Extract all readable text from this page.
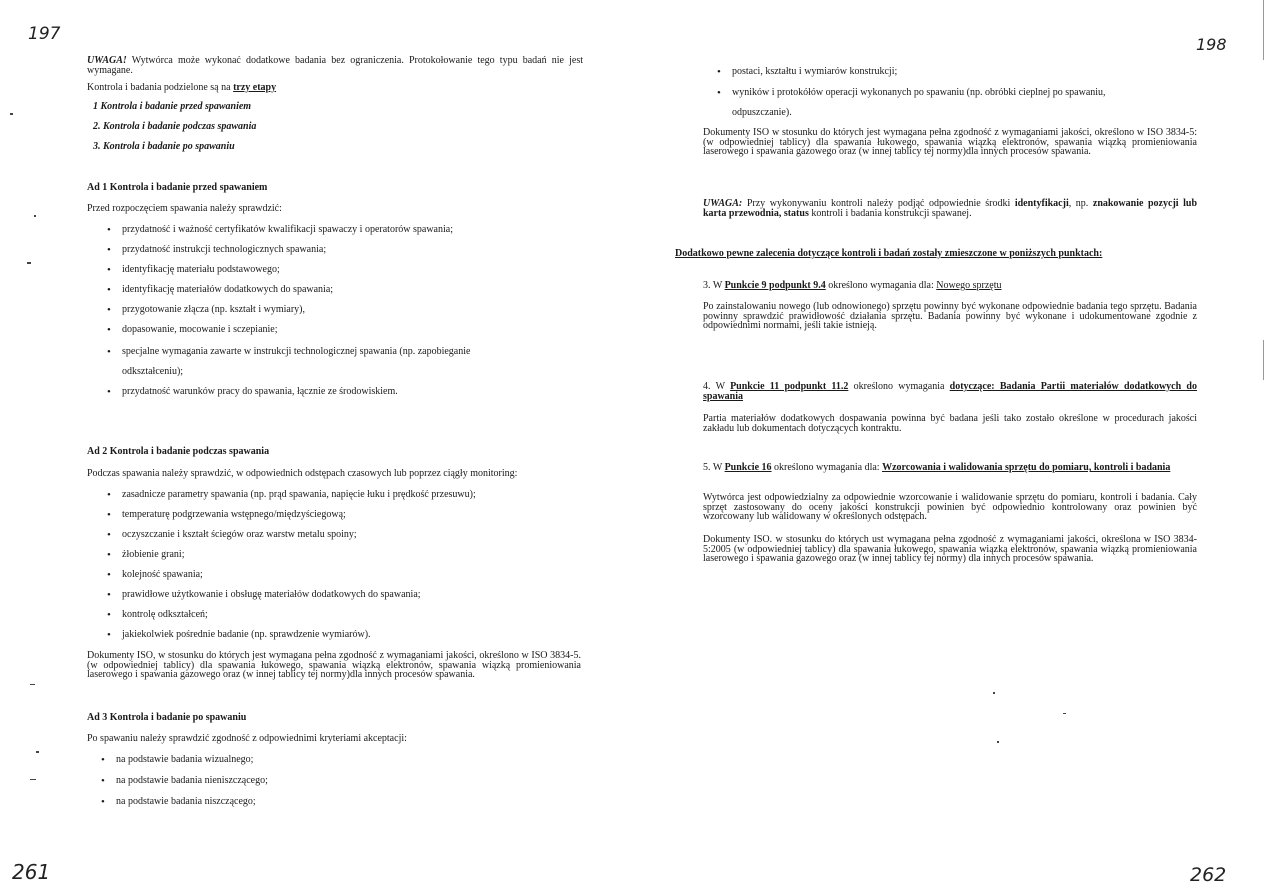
197
UWAGA! Wytwórca może wykonać dodatkowe badania bez ograniczenia. Protokołowanie tego typu badań nie jest wymagane.
Kontrola i badania podzielone są na trzy etapy
1 Kontrola i badanie przed spawaniem
2. Kontrola i badanie podczas spawania
3. Kontrola i badanie po spawaniu
Ad 1 Kontrola i badanie przed spawaniem
Przed rozpoczęciem spawania należy sprawdzić:
• przydatność i ważność certyfikatów kwalifikacji spawaczy i operatorów spawania;
• przydatność instrukcji technologicznych spawania;
• identyfikację materiału podstawowego;
• identyfikację materiałów dodatkowych do spawania;
• przygotowanie złącza (np. kształt i wymiary),
• dopasowanie, mocowanie i sczepianie;
• specjalne wymagania zawarte w instrukcji technologicznej spawania (np. zapobieganie odkształceniu);
• przydatność warunków pracy do spawania, łącznie ze środowiskiem.
Ad 2 Kontrola i badanie podczas spawania
Podczas spawania należy sprawdzić, w odpowiednich odstępach czasowych lub poprzez ciągły monitoring:
• zasadnicze parametry spawania (np. prąd spawania, napięcie łuku i prędkość przesuwu);
• temperaturę podgrzewania wstępnego/międzyściegową;
• oczyszczanie i kształt ściegów oraz warstw metalu spoiny;
• żłobienie grani;
• kolejność spawania;
• prawidłowe użytkowanie i obsługę materiałów dodatkowych do spawania;
• kontrolę odkształceń;
• jakiekolwiek pośrednie badanie (np. sprawdzenie wymiarów).
Dokumenty ISO, w stosunku do których jest wymagana pełna zgodność z wymaganiami jakości, określono w ISO 3834-5. (w odpowiedniej tablicy) dla spawania łukowego, spawania wiązką elektronów, spawania wiązką promieniowania laserowego i spawania gazowego oraz (w innej tablicy tej normy)dla innych procesów spawania.
Ad 3 Kontrola i badanie po spawaniu
Po spawaniu należy sprawdzić zgodność z odpowiednimi kryteriami akceptacji:
• na podstawie badania wizualnego;
• na podstawie badania nieniszczącego;
• na podstawie badania niszczącego;
261
198
• postaci, kształtu i wymiarów konstrukcji;
• wyników i protokółów operacji wykonanych po spawaniu (np. obróbki cieplnej po spawaniu, odpuszczanie).
Dokumenty ISO w stosunku do których jest wymagana pełna zgodność z wymaganiami jakości, określono w ISO 3834-5: (w odpowiedniej tablicy) dla spawania łukowego, spawania wiązką elektronów, spawania wiązką promieniowania laserowego i spawania gazowego oraz (w innej tablicy tej normy)dla innych procesów spawania.
UWAGA: Przy wykonywaniu kontroli należy podjąć odpowiednie środki identyfikacji, np. znakowanie pozycji lub karta przewodnia, status kontroli i badania konstrukcji spawanej.
Dodatkowo pewne zalecenia dotyczące kontroli i badań zostały zmieszczone w poniższych punktach:
3. W Punkcie 9 podpunkt 9.4 określono wymagania dla: Nowego sprzętu
Po zainstalowaniu nowego (lub odnowionego) sprzętu powinny być wykonane odpowiednie badania tego sprzętu. Badania powinny sprawdzić prawidłowość działania sprzętu. Badania powinny być wykonane i udokumentowane zgodnie z odpowiednimi normami, jeśli takie istnieją.
4. W Punkcie 11 podpunkt 11.2 określono wymagania dotyczące: Badania Partii materiałów dodatkowych do spawania
Partia materiałów dodatkowych dospawania powinna być badana jeśli tako zostało określone w procedurach jakości zakładu lub dokumentach dotyczących kontraktu.
5. W Punkcie 16 określono wymagania dla: Wzorcowania i walidowania sprzętu do pomiaru, kontroli i badania
Wytwórca jest odpowiedzialny za odpowiednie wzorcowanie i walidowanie sprzętu do pomiaru, kontroli i badania. Cały sprzęt zastosowany do oceny jakości konstrukcji powinien być odpowiednio kontrolowany oraz powinien być wzorcowany lub walidowany w określonych odstępach.
Dokumenty ISO. w stosunku do których ust wymagana pełna zgodność z wymaganiami jakości, określona w ISO 3834-5:2005 (w odpowiedniej tablicy) dla spawania łukowego, spawania wiązką elektronów, spawania wiązką promieniowania laserowego i spawania gazowego oraz (w innej tablicy tej normy) dla innych procesów spawania.
262
